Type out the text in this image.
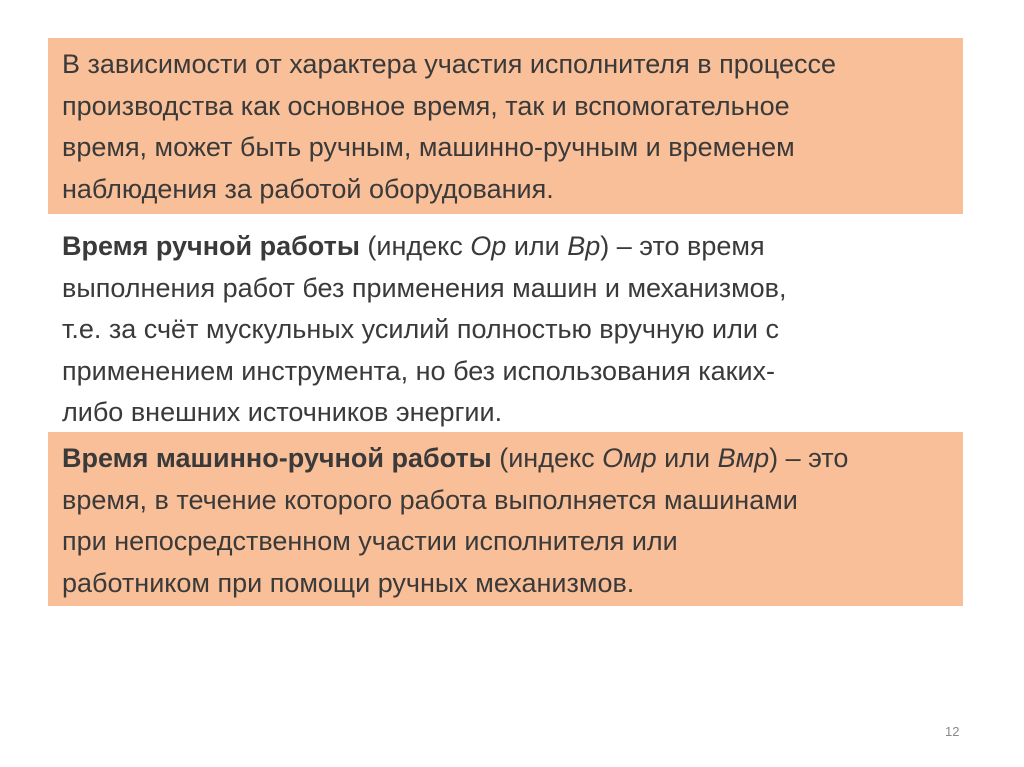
В зависимости от характера участия исполнителя в процессе

производства как основное время, так и вспомогательное

время, может быть ручным, машинно-ручным и временем

наблюдения за работой оборудования.

Время ручной работы (индекс Ор или Вр) – это время

выполнения работ без применения машин и механизмов,

т.е. за счёт мускульных усилий полностью вручную или с

применением инструмента, но без использования каких-

либо внешних источников энергии.

Время машинно-ручной работы (индекс Омр или Вмр) – это

время, в течение которого работа выполняется машинами

при непосредственном участии исполнителя или

работником при помощи ручных механизмов.

12
